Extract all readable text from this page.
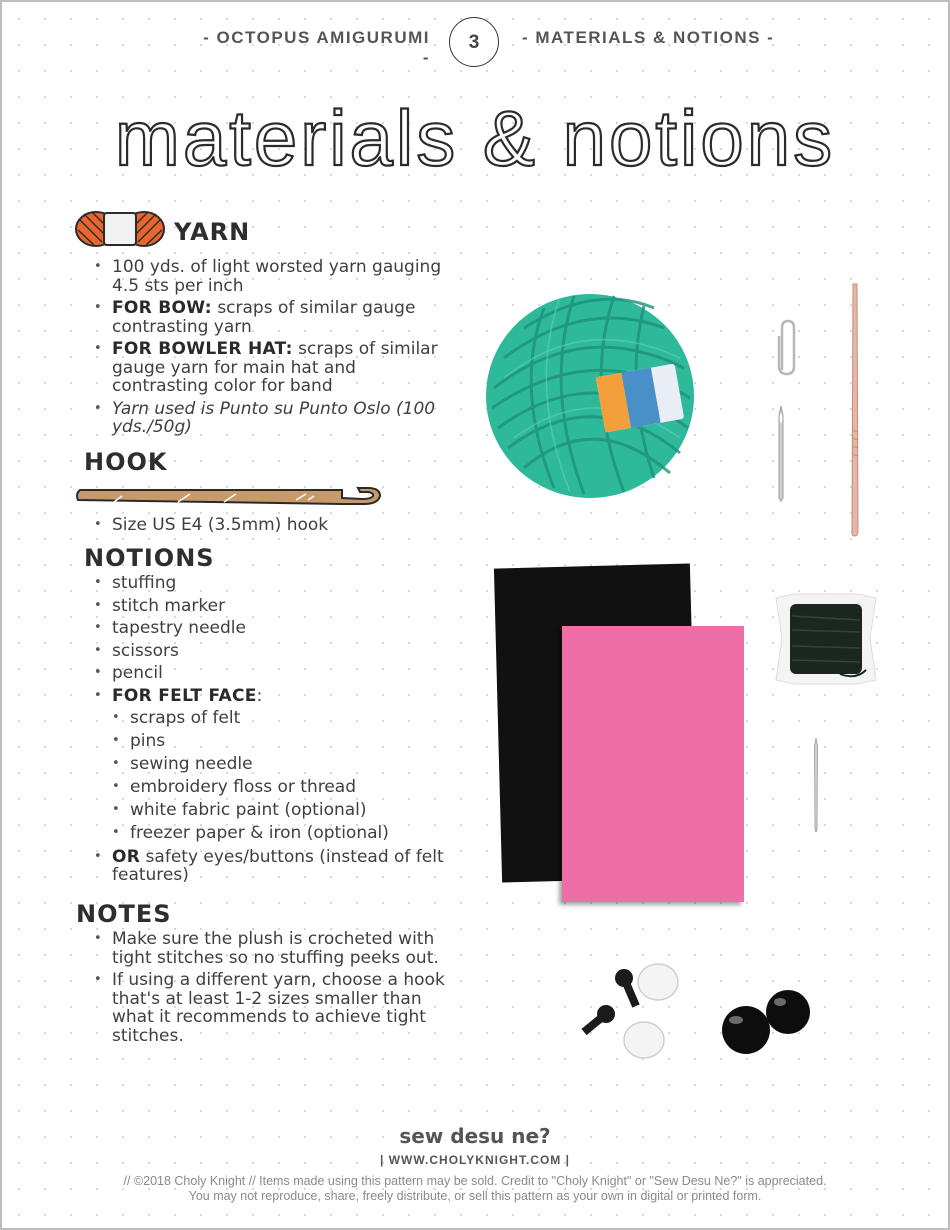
- OCTOPUS AMIGURUMI -
3	- MATERIALS & NOTIONS -
materials & notions
YARN
• 100 yds. of light worsted yarn gauging 4.5 sts per inch
• FOR BOW: scraps of similar gauge contrasting yarn
• FOR BOWLER HAT: scraps of similar gauge yarn for main hat and contrasting color for band
• Yarn used is Punto su Punto Oslo (100 yds./50g)
HOOK
• Size US E4 (3.5mm) hook
NOTIONS
• stuffing
• stitch marker
• tapestry needle
• scissors
• pencil
• FOR FELT FACE:
• scraps of felt
• pins
• sewing needle
• embroidery floss or thread
• white fabric paint (optional)
• freezer paper & iron (optional)
• OR safety eyes/buttons (instead of felt features)
NOTES
• Make sure the plush is crocheted with tight stitches so no stuffing peeks out.
• If using a different yarn, choose a hook that's at least 1-2 sizes smaller than what it recommends to achieve tight stitches.
sew desu ne?
| WWW.CHOLYKNIGHT.COM |
// ©2018 Choly Knight // Items made using this pattern may be sold. Credit to "Choly Knight" or "Sew Desu Ne?" is appreciated.
You may not reproduce, share, freely distribute, or sell this pattern as your own in digital or printed form.
